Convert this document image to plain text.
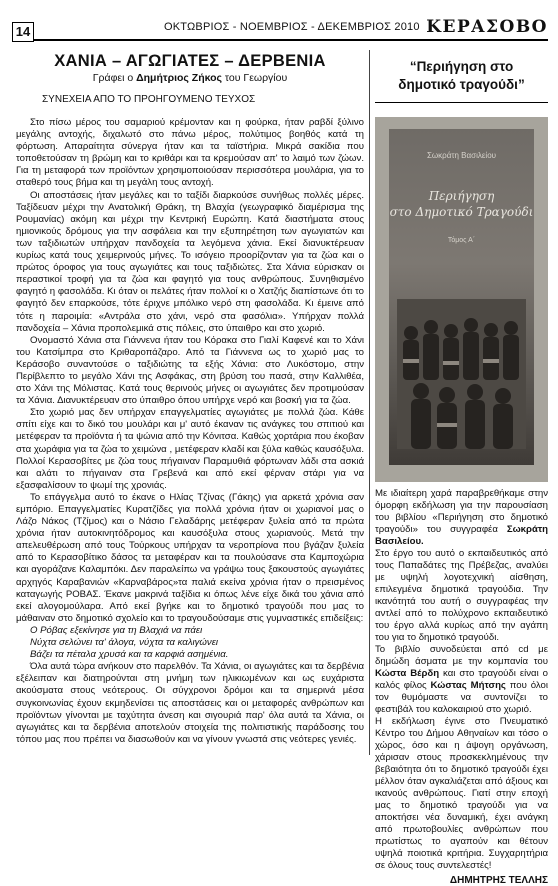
14	ΟΚΤΩΒΡΙΟΣ - ΝΟΕΜΒΡΙΟΣ - ΔΕΚΕΜΒΡΙΟΣ 2010 ΚΕΡΑΣΟΒΟ
ΧΑΝΙΑ – ΑΓΩΓΙΑΤΕΣ – ΔΕΡΒΕΝΙΑ
Γράφει ο Δημήτριος Ζήκος του Γεωργίου
ΣΥΝΕΧΕΙΑ ΑΠΟ ΤΟ ΠΡΟΗΓΟΥΜΕΝΟ ΤΕΥΧΟΣ

Στο πίσω μέρος του σαμαριού κρέμονταν και η φούρκα, ήταν ραβδί ξύλινο μεγάλης αντοχής, διχαλωτό στο πάνω μέρος, πολύτιμος βοηθός κατά τη φόρτωση. Απαραίτητα σύνεργα ήταν και τα ταϊστήρια. Μικρά σακίδια που τοποθετούσαν τη βρώμη και το κριθάρι και τα κρεμούσαν απ' το λαιμό των ζώων. Για τη μεταφορά των προϊόντων χρησιμοποιούσαν περισσότερα μουλάρια, για το σταθερό τους βήμα και τη μεγάλη τους αντοχή.

Οι αποστάσεις ήταν μεγάλες και το ταξίδι διαρκούσε συνήθως πολλές μέρες. Ταξίδευαν μέχρι την Ανατολική Θράκη, τη Βλαχία (γεωγραφικό διαμέρισμα της Ρουμανίας) ακόμη και μέχρι την Κεντρική Ευρώπη. Κατά διαστήματα στους ημιονικούς δρόμους για την ασφάλεια και την εξυπηρέτηση των αγωγιατών και των ταξιδιωτών υπήρχαν πανδοχεία τα λεγόμενα χάνια. Εκεί διανυκτέρευαν κυρίως κατά τους χειμερινούς μήνες. Το ισόγειο προορίζονταν για τα ζώα και ο πρώτος όροφος για τους αγωγιάτες και τους ταξιδιώτες. Στα Χάνια εύρισκαν οι περαστικοί τροφή για τα ζώα και φαγητό για τους ανθρώπους. Συνηθισμένο φαγητό η φασολάδα. Κι όταν οι πελάτες ήταν πολλοί κι ο Χατζής διαπίστωνε ότι το φαγητό δεν επαρκούσε, τότε έριχνε μπόλικο νερό στη φασολάδα. Κι έμεινε από τότε η παροιμία: «Αντράλα στο χάνι, νερό στα φασόλια». Υπήρχαν πολλά πανδοχεία – Χάνια προπολεμικά στις πόλεις, στο ύπαιθρο και στο χωριό.

Ονομαστό Χάνια στα Γιάννενα ήταν του Κόρακα στο Γιαλί Καφενέ και το Χάνι του Κατσίμπρα στο Κριθαροπάζαρο. Από τα Γιάννενα ως το χωριό μας το Κεράσοβο συναντούσε ο ταξιδιώτης τα εξής Χάνια: στο Λυκόστομο, στην Περίβλεπτο το μεγάλο Χάνι της Ασφάκας, στη βρύση του πασά, στην Καλλιθέα, στο Χάνι της Μόλιστας. Κατά τους θερινούς μήνες οι αγωγιάτες δεν προτιμούσαν τα Χάνια. Διανυκτέρευαν στο ύπαιθρο όπου υπήρχε νερό και βοσκή για τα ζώα.

Στο χωριό μας δεν υπήρχαν επαγγελματίες αγωγιάτες με πολλά ζώα. Κάθε σπίτι είχε και το δικό του μουλάρι και μ' αυτό έκαναν τις ανάγκες του σπιτιού και μετέφεραν τα προϊόντα ή τα ψώνια από την Κόνιτσα. Καθώς χορτάρια που έκοβαν στα χωράφια για τα ζώα το χειμώνα , μετέφεραν κλαδί και ξύλα καθώς καυσόξυλα. Πολλοί Κερασοβίτες με ζώα τους πήγαιναν Παραμυθιά φόρτωναν λάδι στα ασκιά και αλάτι το πήγαιναν στα Γρεβενά και από εκεί φέρναν στάρι για να εξασφαλίσουν το ψωμί της χρονιάς.

Το επάγγελμα αυτό το έκανε ο Ηλίας Τζίνας (Γάκης) για αρκετά χρόνια σαν εμπόριο. Επαγγελματίες Κυρατζίδες για πολλά χρόνια ήταν οι χωριανοί μας ο Λάζο Νάκος (Τζίμος) και ο Νάσιο Γελαδάρης μετέφεραν ξυλεία από τα πρώτα χρόνια ήταν αυτοκινητόδρομος και καυσόξυλα στους χωριανούς. Μετά την απελευθέρωση από τους Τούρκους υπήρχαν τα νεροπρίονα που βγάζαν ξυλεία από το Κερασοβίτικο δάσος τα μεταφέραν και τα πουλούσανε στα Καμποχώρια και αγοράζανε Καλαμπόκι. Δεν παραλείπω να γράψω τους ξακουστούς αγωγιάτες αρχηγός Καραβανιών «Καρναβάρος»τα παλιά εκείνα χρόνια ήταν ο πρεισμένος καταγωγής ΡΟΒΑΣ. Έκανε μακρινά ταξίδια κι όπως λένε είχε δικά του χάνια από εκεί αλογομούλαρα. Από εκεί βγήκε και το δημοτικό τραγούδι που μας το μάθαιναν στο δημοτικό σχολείο και το τραγουδούσαμε στις γυμναστικές επιδείξεις:

Ο Ρόβας εξεκίνησε για τη Βλαχιά να πάει
Νύχτα σελώνει τα' άλογα, νύχτα τα καλιγώνει
Βάζει τα πέταλα χρυσά και τα καρφιά ασημένια.

Όλα αυτά τώρα ανήκουν στο παρελθόν. Τα Χάνια, οι αγωγιάτες και τα δερβένια εξέλειπαν και διατηρούνται στη μνήμη των ηλικιωμένων και ως ευχάριστα ακούσματα στους νεότερους. Οι σύγχρονοι δρόμοι και τα σημερινά μέσα συγκοινωνίας έχουν εκμηδενίσει τις αποστάσεις και οι μεταφορές ανθρώπων και προϊόντων γίνονται με ταχύτητα άνεση και σιγουριά παρ' όλα αυτά τα Χάνια, οι αγωγιάτες και τα δερβένια αποτελούν στοιχεία της πολιτιστικής παράδοσης του τόπου μας που πρέπει να διασωθούν και να γίνουν γνωστά στις νεότερες γενιές.

“Περιήγηση στο
δημοτικό τραγούδι”
Σωκράτη Βασιλείου
Περιήγηση
στο Δημοτικό Τραγούδι
Τόμος Α΄

Με ιδιαίτερη χαρά παραβρεθήκαμε στην όμορφη εκδήλωση για την παρουσίαση του βιβλίου «Περιήγηση στο δημοτικό τραγούδι» του συγγραφέα Σωκράτη Βασιλείου.

Στο έργο του αυτό ο εκπαιδευτικός από τους Παπαδάτες της Πρέβεζας, αναλύει με υψηλή λογοτεχνική αίσθηση, επιλεγμένα δημοτικά τραγούδια. Την ικανότητά του αυτή ο συγγραφέας την αντλεί από το πολύχρονο εκπαιδευτικό του έργο αλλά κυρίως από την αγάπη του για το δημοτικό τραγούδι.

Το βιβλίο συνοδεύεται από cd με δημώδη άσματα με την κομπανία του Κώστα Βέρδη και στο τραγούδι είναι ο καλός φίλος Κώστας Μήτσης που όλοι τον θυμόμαστε να συντονίζει το φεστιβάλ του καλοκαιριού στο χωριό.

Η εκδήλωση έγινε στο Πνευματικό Κέντρο του Δήμου Αθηναίων και τόσο ο χώρος, όσο και η άψογη οργάνωση, χάρισαν στους προσκεκλημένους την βεβαιότητα ότι το δημοτικό τραγούδι έχει μέλλον όταν αγκαλιάζεται από άξιους και ικανούς ανθρώπους. Γιατί στην εποχή μας το δημοτικό τραγούδι για να αποκτήσει νέα δυναμική, έχει ανάγκη από πρωτοβουλίες ανθρώπων που πρωτίστως το αγαπούν και θέτουν υψηλά ποιοτικά κριτήρια. Συγχαρητήρια σε όλους τους συντελεστές!

ΔΗΜΗΤΡΗΣ ΤΕΛΛΗΣ
